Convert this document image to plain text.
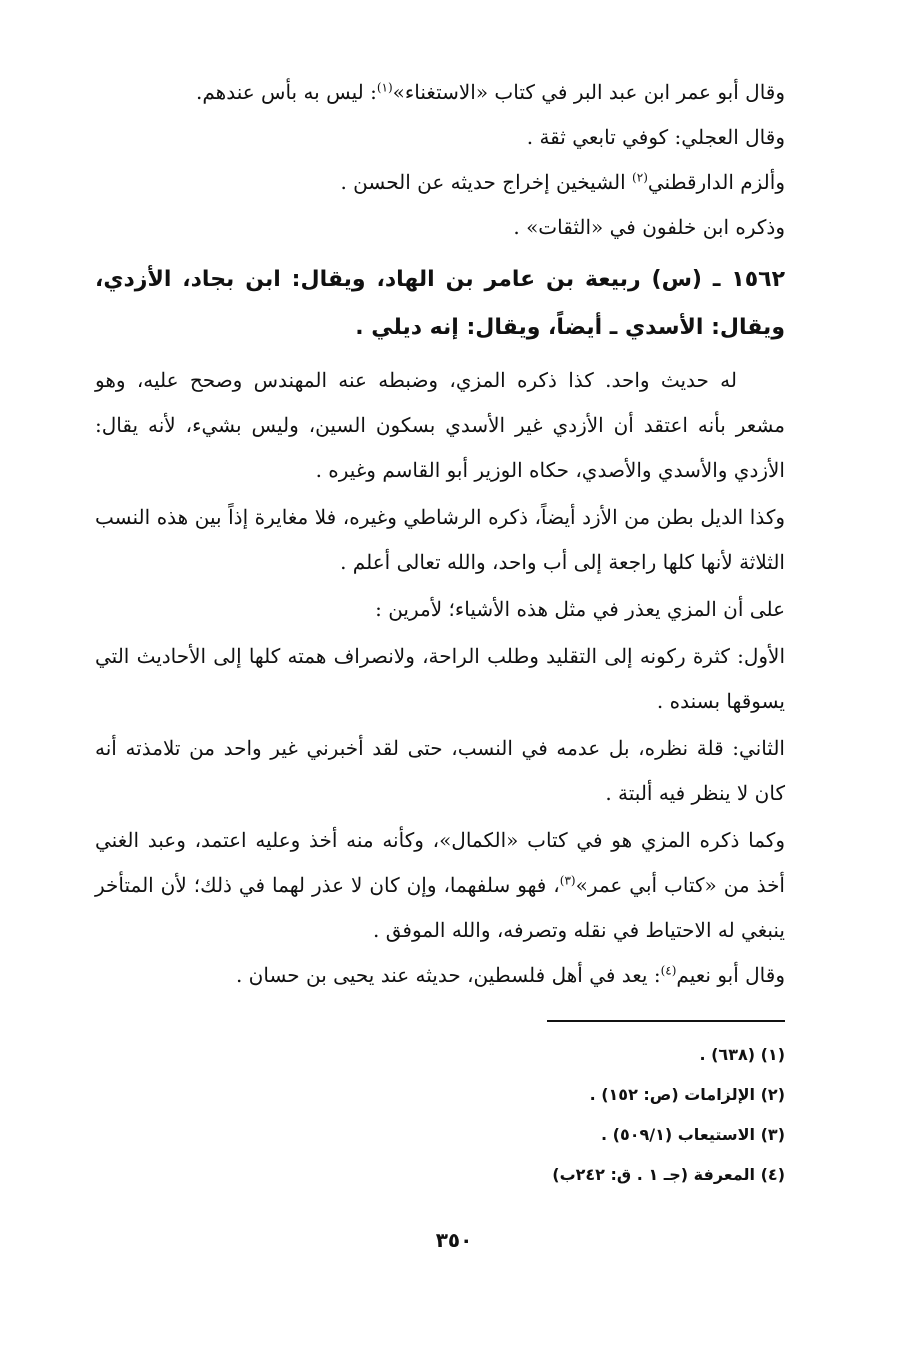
وقال أبو عمر ابن عبد البر في كتاب «الاستغناء»$^{(١)}$: ليس به بأس عندهم.

وقال العجلي: كوفي تابعي ثقة .

وألزم الدارقطني$^{(٢)}$ الشيخين إخراج حديثه عن الحسن .

وذكره ابن خلفون في «الثقات» .

١٥٦٢ ـ (س) ربيعة بن عامر بن الهاد، ويقال: ابن بجاد، الأزدي، ويقال: الأسدي ـ أيضاً، ويقال: إنه ديلي .

له حديث واحد. كذا ذكره المزي، وضبطه عنه المهندس وصحح عليه، وهو مشعر بأنه اعتقد أن الأزدي غير الأسدي بسكون السين، وليس بشيء، لأنه يقال: الأزدي والأسدي والأصدي، حكاه الوزير أبو القاسم وغيره .

وكذا الديل بطن من الأزد أيضاً، ذكره الرشاطي وغيره، فلا مغايرة إذاً بين هذه النسب الثلاثة لأنها كلها راجعة إلى أب واحد، والله تعالى أعلم .

على أن المزي يعذر في مثل هذه الأشياء؛ لأمرين :

الأول: كثرة ركونه إلى التقليد وطلب الراحة، ولانصراف همته كلها إلى الأحاديث التي يسوقها بسنده .

الثاني: قلة نظره، بل عدمه في النسب، حتى لقد أخبرني غير واحد من تلامذته أنه كان لا ينظر فيه ألبتة .

وكما ذكره المزي هو في كتاب «الكمال»، وكأنه منه أخذ وعليه اعتمد، وعبد الغني أخذ من «كتاب أبي عمر»$^{(٣)}$، فهو سلفهما، وإن كان لا عذر لهما في ذلك؛ لأن المتأخر ينبغي له الاحتياط في نقله وتصرفه، والله الموفق .

وقال أبو نعيم$^{(٤)}$: يعد في أهل فلسطين، حديثه عند يحيى بن حسان .

(١) (٦٣٨) .

(٢) الإلزامات (ص: ١٥٢) .

(٣) الاستيعاب (٥٠٩/١) .

(٤) المعرفة (جـ ١ . ق: ٢٤٢ب)

٣٥٠
